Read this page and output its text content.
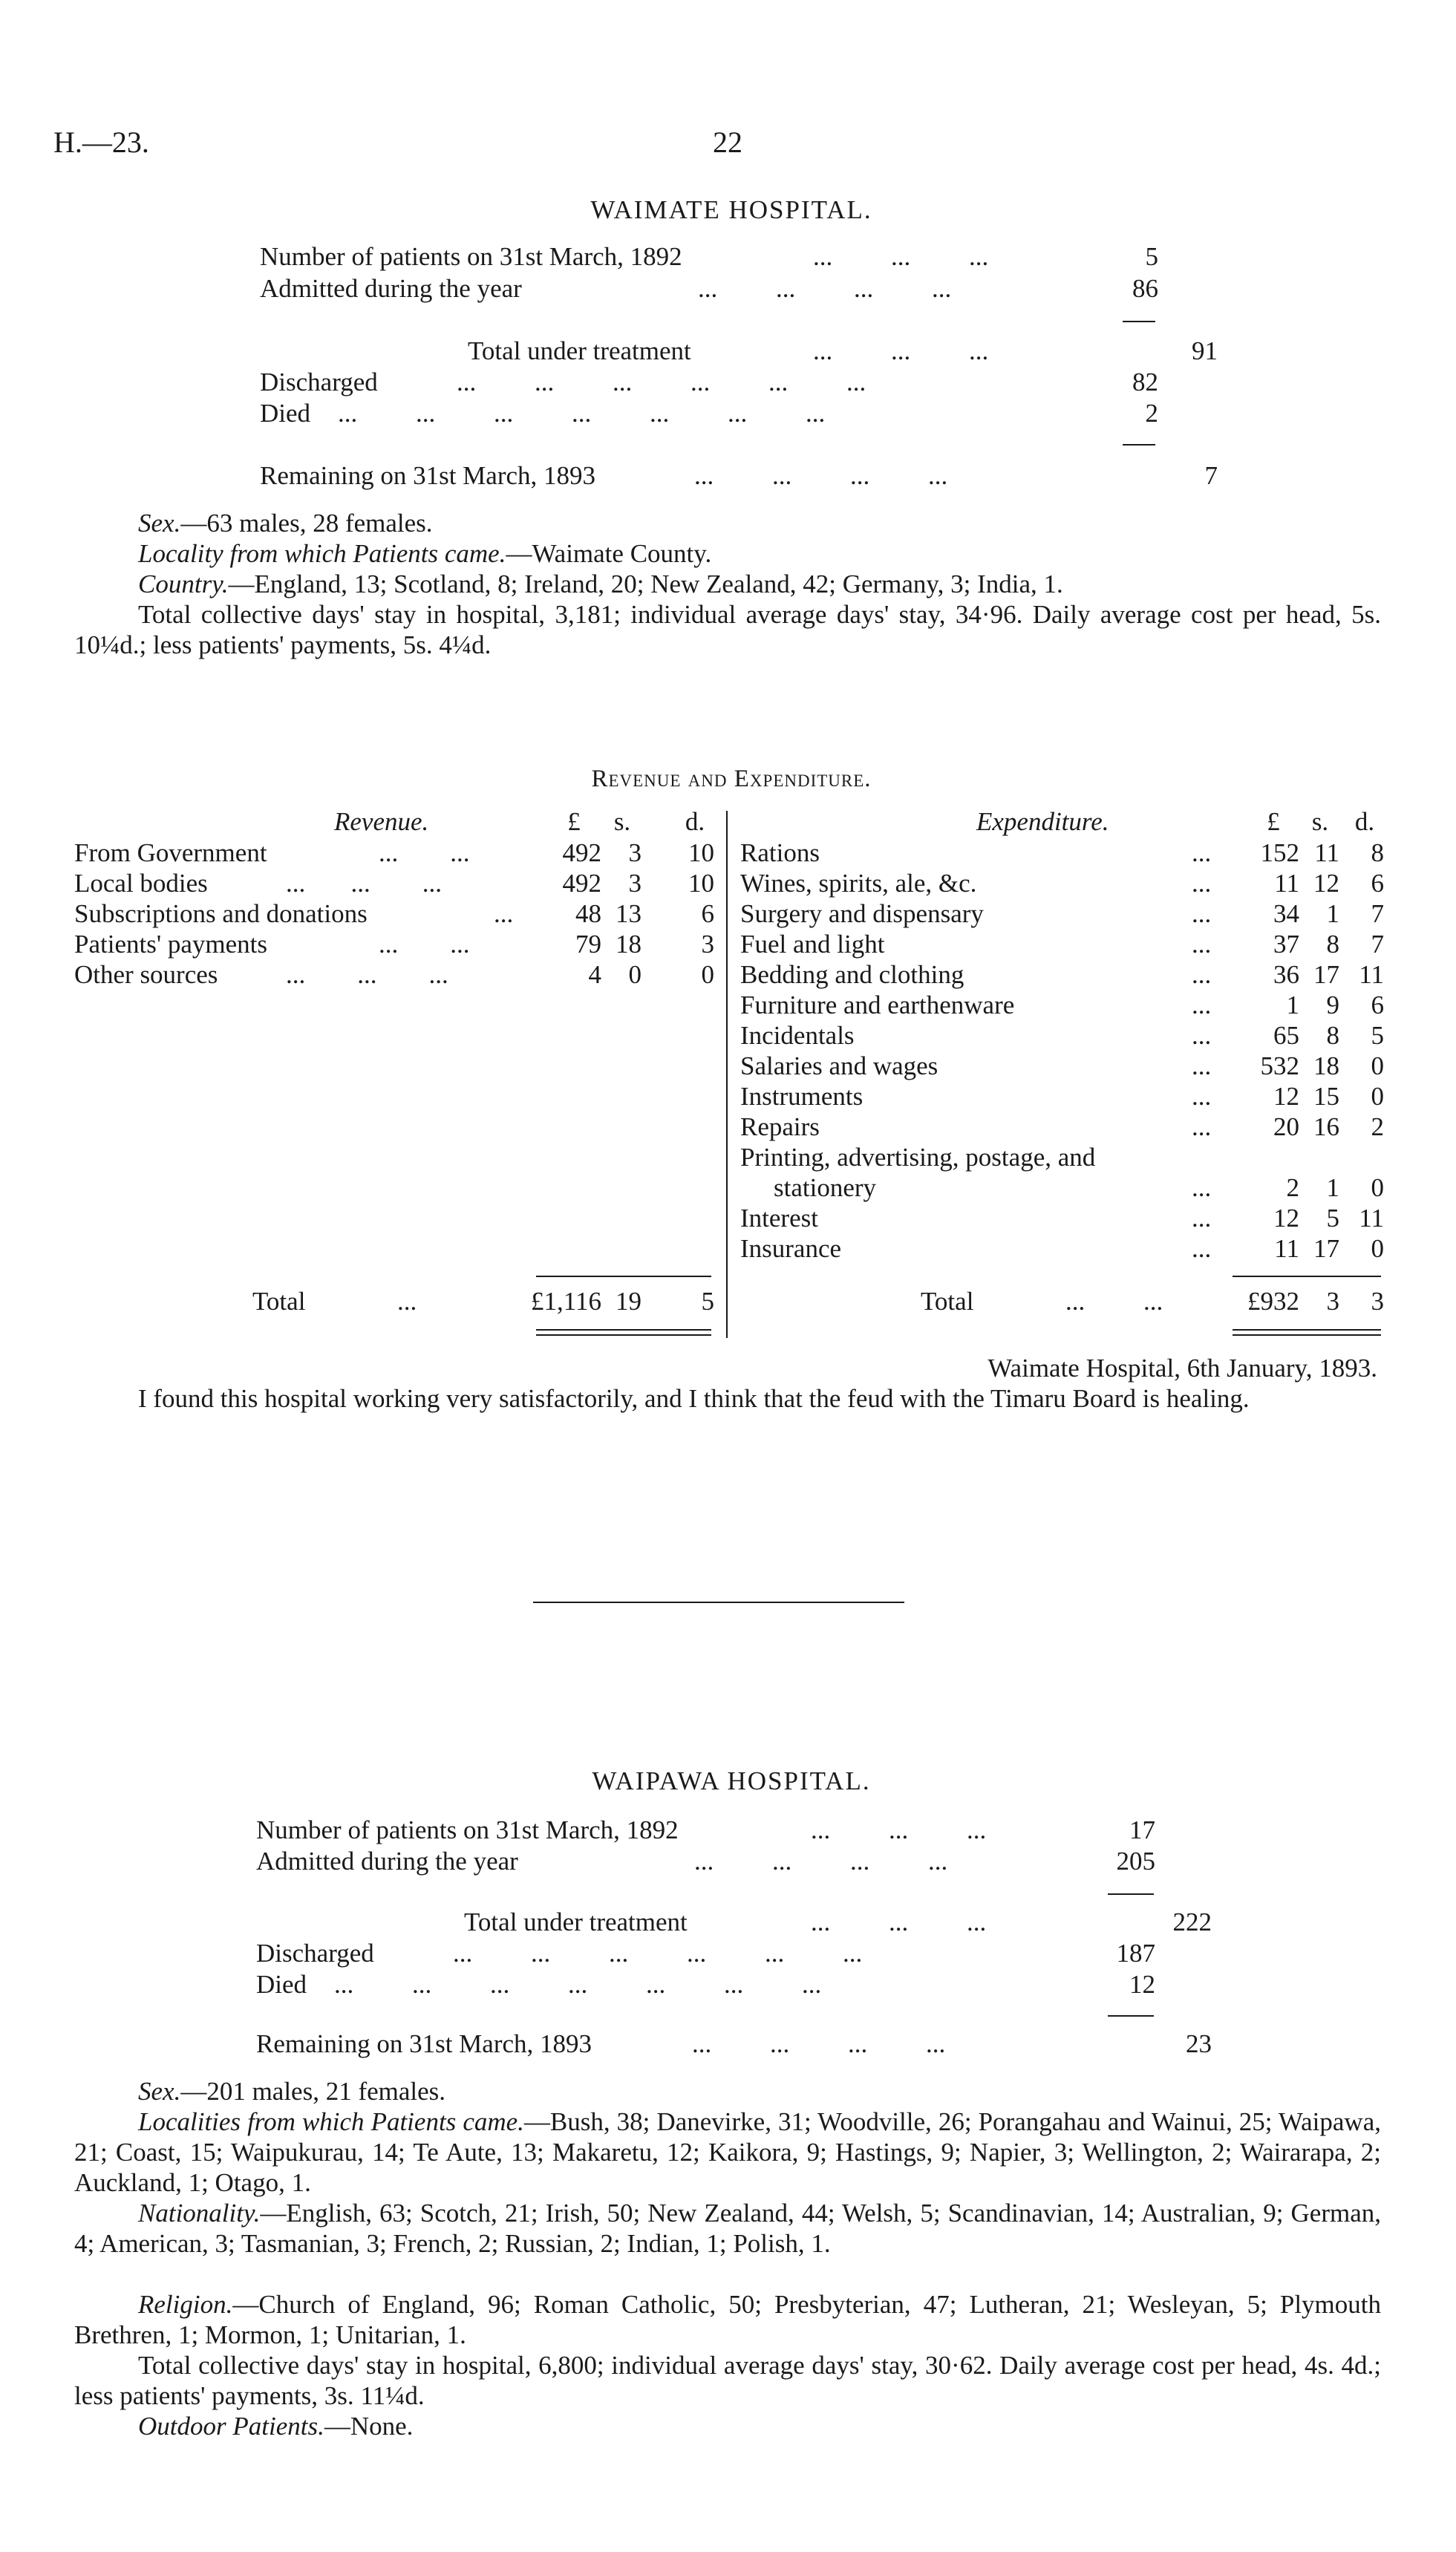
H.—23.	22
WAIMATE HOSPITAL.
Number of patients on 31st March, 1892	...         ...         ...	5
Admitted during the year	...         ...         ...         ...	86
Total under treatment	...         ...         ...	91
Discharged	...         ...         ...         ...         ...         ...	82
Died ...         ...         ...         ...         ...         ...         ...	2
Remaining on 31st March, 1893	...         ...         ...         ...	7
Sex.—63 males, 28 females.
Locality from which Patients came.—Waimate County.
Country.—England, 13; Scotland, 8; Ireland, 20; New Zealand, 42; Germany, 3; India, 1.
Total collective days' stay in hospital, 3,181; individual average days' stay, 34·96. Daily average cost per head, 5s. 10¼d.; less patients' payments, 5s. 4¼d.
Revenue and Expenditure.
Revenue.	£	s.	d.
From Government	...        ...	492	3	10
Local bodies	...       ...        ...	492	3	10
Subscriptions and donations	...	48 13	6
Patients' payments	...        ...	79 18	3
Other sources	...        ...        ...	4	0	0
Total	...	£1,116 19	5
Expenditure.	£	s.	d.
Rations	...	152 11	8
Wines, spirits, ale, &c.	...	11 12	6
Surgery and dispensary	...	34	1	7
Fuel and light	...	37	8	7
Bedding and clothing	...	36 17 11
Furniture and earthenware	...	1	9	6
Incidentals	...	65	8	5
Salaries and wages	...	532 18	0
Instruments	...	12 15	0
Repairs	...	20 16	2
Printing, advertising, postage, and
stationery	...	2	1	0
Interest	...	12	5 11
Insurance	...	11 17	0
Total	...         ...	£932	3	3
Waimate Hospital, 6th January, 1893.
I found this hospital working very satisfactorily, and I think that the feud with the Timaru Board is healing.
WAIPAWA HOSPITAL.
Number of patients on 31st March, 1892	...         ...         ...	17
Admitted during the year	...         ...         ...         ...	205
Total under treatment	...         ...         ...	222
Discharged	...         ...         ...         ...         ...         ...	187
Died ...         ...         ...         ...         ...         ...         ...	12
Remaining on 31st March, 1893	...         ...         ...         ...	23
Sex.—201 males, 21 females.
Localities from which Patients came.—Bush, 38; Danevirke, 31; Woodville, 26; Porangahau and Wainui, 25; Waipawa, 21; Coast, 15; Waipukurau, 14; Te Aute, 13; Makaretu, 12; Kaikora, 9; Hastings, 9; Napier, 3; Wellington, 2; Wairarapa, 2; Auckland, 1; Otago, 1.
Nationality.—English, 63; Scotch, 21; Irish, 50; New Zealand, 44; Welsh, 5; Scandinavian, 14; Australian, 9; German, 4; American, 3; Tasmanian, 3; French, 2; Russian, 2; Indian, 1; Polish, 1.
Religion.—Church of England, 96; Roman Catholic, 50; Presbyterian, 47; Lutheran, 21; Wesleyan, 5; Plymouth Brethren, 1; Mormon, 1; Unitarian, 1.
Total collective days' stay in hospital, 6,800; individual average days' stay, 30·62. Daily average cost per head, 4s. 4d.; less patients' payments, 3s. 11¼d.
Outdoor Patients.—None.
